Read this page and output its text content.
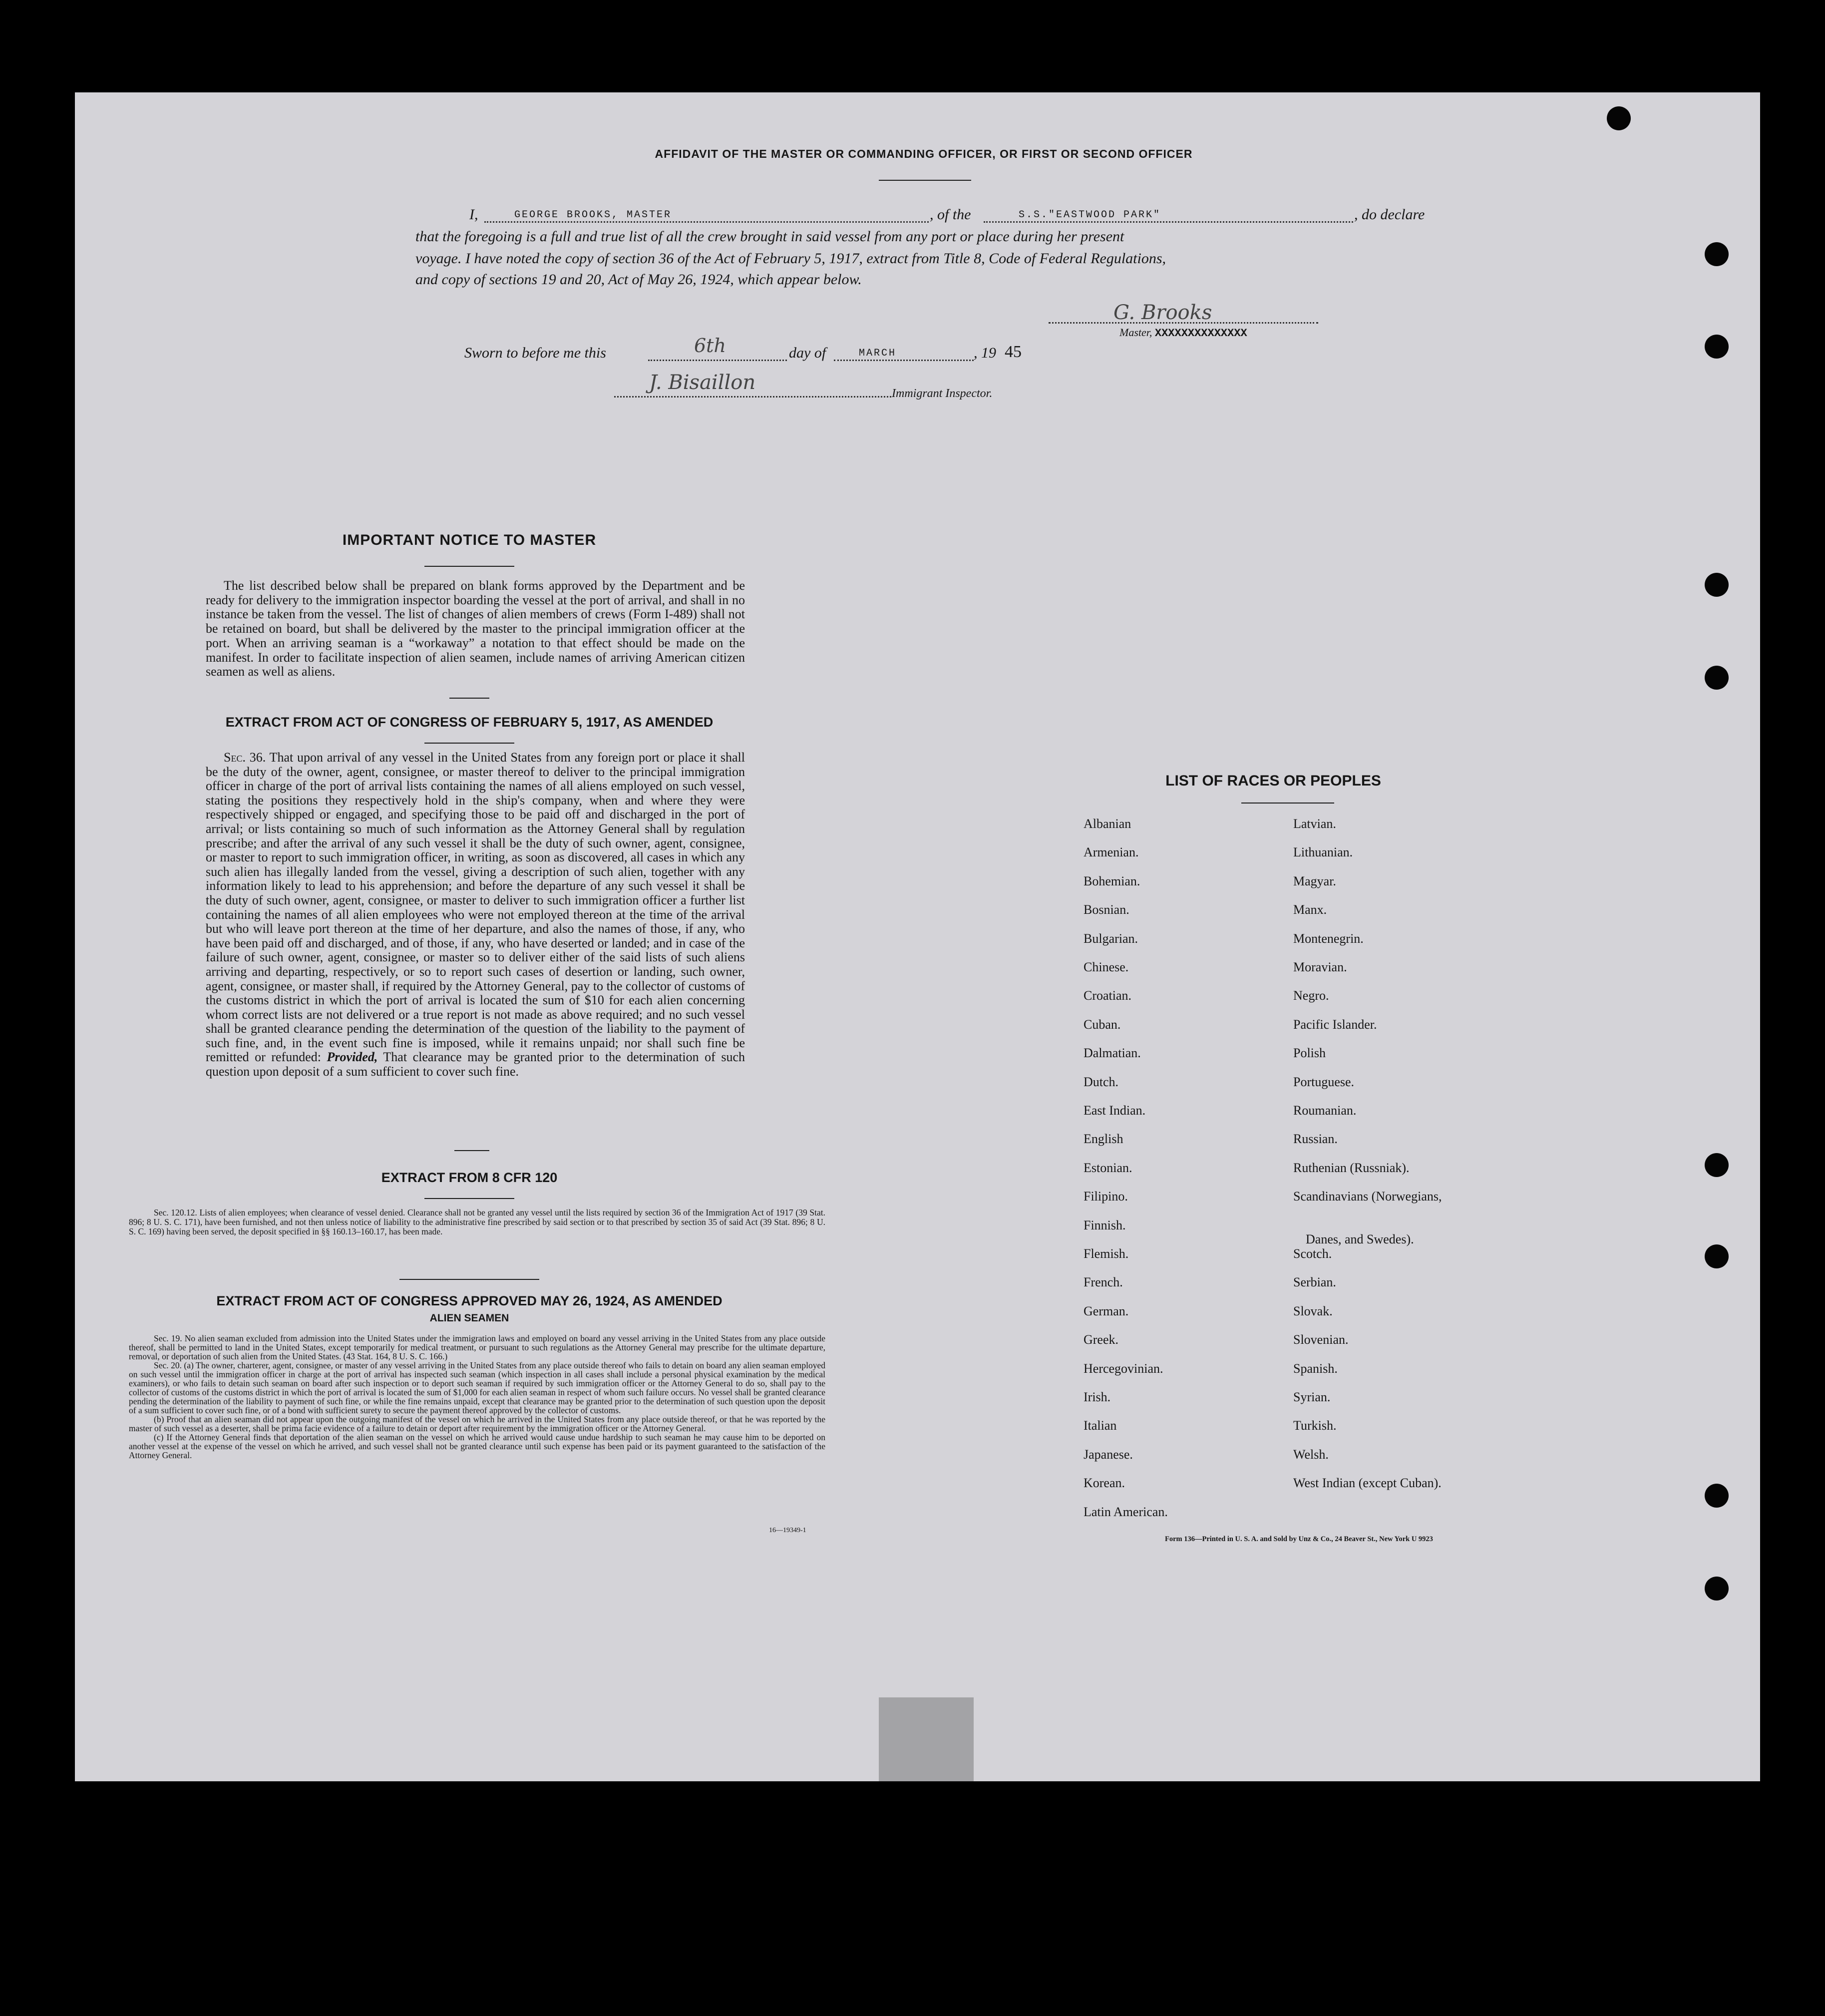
AFFIDAVIT OF THE MASTER OR COMMANDING OFFICER, OR FIRST OR SECOND OFFICER
I,	GEORGE BROOKS, MASTER	, of the	S.S."EASTWOOD PARK"	, do declare
that the foregoing is a full and true list of all the crew brought in said vessel from any port or place during her present
voyage. I have noted the copy of section 36 of the Act of February 5, 1917, extract from Title 8, Code of Federal Regulations,
and copy of sections 19 and 20, Act of May 26, 1924, which appear below.
G. Brooks
Master, XXXXXXXXXXXXXX
Sworn to before me this	6th	day of	MARCH	, 19 45
J. Bisaillon	Immigrant Inspector.
IMPORTANT NOTICE TO MASTER
The list described below shall be prepared on blank forms approved by the Department and be ready for delivery to the immigration inspector boarding the vessel at the port of arrival, and shall in no instance be taken from the vessel. The list of changes of alien members of crews (Form I-489) shall not be retained on board, but shall be delivered by the master to the principal immigration officer at the port. When an arriving seaman is a “workaway” a notation to that effect should be made on the manifest. In order to facilitate inspection of alien seamen, include names of arriving American citizen seamen as well as aliens.
EXTRACT FROM ACT OF CONGRESS OF FEBRUARY 5, 1917, AS AMENDED
Sec. 36. That upon arrival of any vessel in the United States from any foreign port or place it shall be the duty of the owner, agent, consignee, or master thereof to deliver to the principal immigration officer in charge of the port of arrival lists containing the names of all aliens employed on such vessel, stating the positions they respectively hold in the ship's company, when and where they were respectively shipped or engaged, and specifying those to be paid off and discharged in the port of arrival; or lists containing so much of such information as the Attorney General shall by regulation prescribe; and after the arrival of any such vessel it shall be the duty of such owner, agent, consignee, or master to report to such immigration officer, in writing, as soon as discovered, all cases in which any such alien has illegally landed from the vessel, giving a description of such alien, together with any information likely to lead to his apprehension; and before the departure of any such vessel it shall be the duty of such owner, agent, consignee, or master to deliver to such immigration officer a further list containing the names of all alien employees who were not employed thereon at the time of the arrival but who will leave port thereon at the time of her departure, and also the names of those, if any, who have been paid off and discharged, and of those, if any, who have deserted or landed; and in case of the failure of such owner, agent, consignee, or master so to deliver either of the said lists of such aliens arriving and departing, respectively, or so to report such cases of desertion or landing, such owner, agent, consignee, or master shall, if required by the Attorney General, pay to the collector of customs of the customs district in which the port of arrival is located the sum of $10 for each alien concerning whom correct lists are not delivered or a true report is not made as above required; and no such vessel shall be granted clearance pending the determination of the question of the liability to the payment of such fine, and, in the event such fine is imposed, while it remains unpaid; nor shall such fine be remitted or refunded: Provided, That clearance may be granted prior to the determination of such question upon deposit of a sum sufficient to cover such fine.
EXTRACT FROM 8 CFR 120
Sec. 120.12. Lists of alien employees; when clearance of vessel denied. Clearance shall not be granted any vessel until the lists required by section 36 of the Immigration Act of 1917 (39 Stat. 896; 8 U. S. C. 171), have been furnished, and not then unless notice of liability to the administrative fine prescribed by said section or to that prescribed by section 35 of said Act (39 Stat. 896; 8 U. S. C. 169) having been served, the deposit specified in §§ 160.13–160.17, has been made.
EXTRACT FROM ACT OF CONGRESS APPROVED MAY 26, 1924, AS AMENDED
ALIEN SEAMEN
Sec. 19. No alien seaman excluded from admission into the United States under the immigration laws and employed on board any vessel arriving in the United States from any place outside thereof, shall be permitted to land in the United States, except temporarily for medical treatment, or pursuant to such regulations as the Attorney General may prescribe for the ultimate departure, removal, or deportation of such alien from the United States. (43 Stat. 164, 8 U. S. C. 166.)
Sec. 20. (a) The owner, charterer, agent, consignee, or master of any vessel arriving in the United States from any place outside thereof who fails to detain on board any alien seaman employed on such vessel until the immigration officer in charge at the port of arrival has inspected such seaman (which inspection in all cases shall include a personal physical examination by the medical examiners), or who fails to detain such seaman on board after such inspection or to deport such seaman if required by such immigration officer or the Attorney General to do so, shall pay to the collector of customs of the customs district in which the port of arrival is located the sum of $1,000 for each alien seaman in respect of whom such failure occurs. No vessel shall be granted clearance pending the determination of the liability to payment of such fine, or while the fine remains unpaid, except that clearance may be granted prior to the determination of such question upon the deposit of a sum sufficient to cover such fine, or of a bond with sufficient surety to secure the payment thereof approved by the collector of customs.
(b) Proof that an alien seaman did not appear upon the outgoing manifest of the vessel on which he arrived in the United States from any place outside thereof, or that he was reported by the master of such vessel as a deserter, shall be prima facie evidence of a failure to detain or deport after requirement by the immigration officer or the Attorney General.
(c) If the Attorney General finds that deportation of the alien seaman on the vessel on which he arrived would cause undue hardship to such seaman he may cause him to be deported on another vessel at the expense of the vessel on which he arrived, and such vessel shall not be granted clearance until such expense has been paid or its payment guaranteed to the satisfaction of the Attorney General.
16—19349-1
LIST OF RACES OR PEOPLES
Form 136—Printed in U. S. A. and Sold by Unz & Co., 24 Beaver St., New York U 9923
Albanian
Armenian.
Bohemian.
Bosnian.
Bulgarian.
Chinese.
Croatian.
Cuban.
Dalmatian.
Dutch.
East Indian.
English
Estonian.
Filipino.
Finnish.
Flemish.
French.
German.
Greek.
Hercegovinian.
Irish.
Italian
Japanese.
Korean.
Latin American.
Latvian.
Lithuanian.
Magyar.
Manx.
Montenegrin.
Moravian.
Negro.
Pacific Islander.
Polish
Portuguese.
Roumanian.
Russian.
Ruthenian (Russniak).
Scandinavians (Norwegians,
Danes, and Swedes).
Scotch.
Serbian.
Slovak.
Slovenian.
Spanish.
Syrian.
Turkish.
Welsh.
West Indian (except Cuban).
